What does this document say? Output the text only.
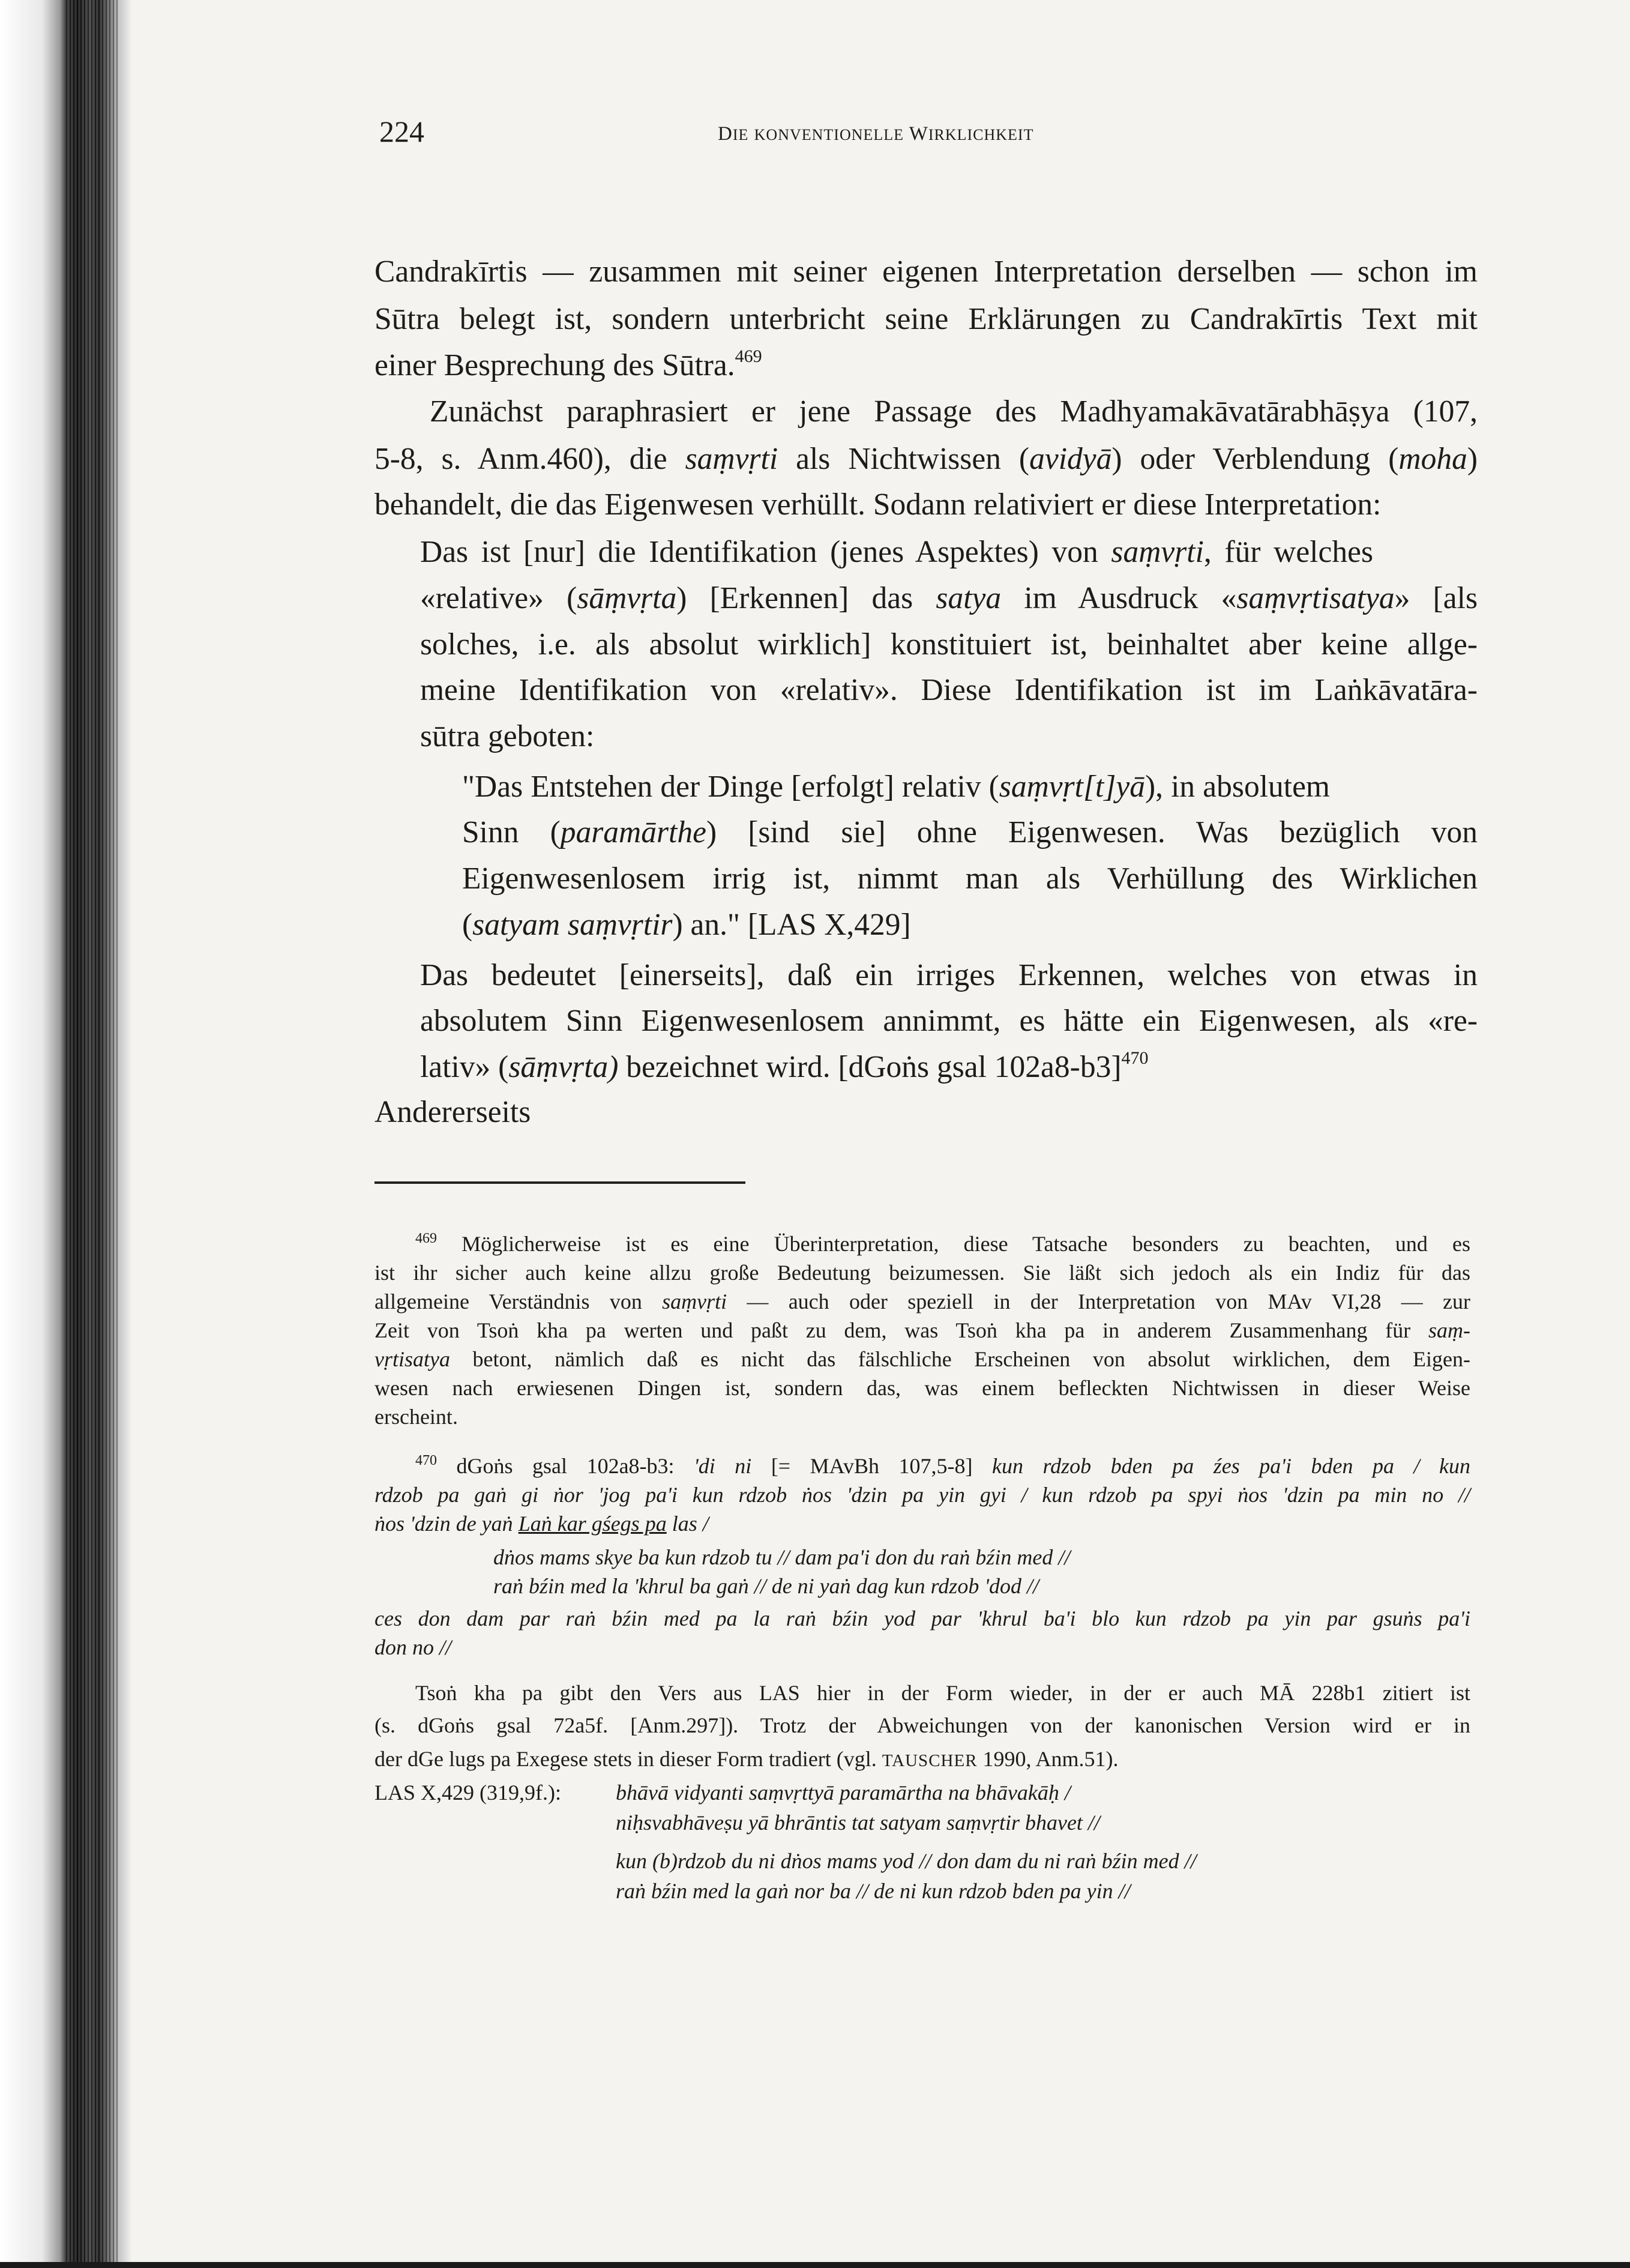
224	DIE KONVENTIONELLE WIRKLICHKEIT
Candrakīrtis — zusammen mit seiner eigenen Interpretation derselben — schon im
Sūtra belegt ist, sondern unterbricht seine Erklärungen zu Candrakīrtis Text mit
einer Besprechung des Sūtra.$^{469}$
Zunächst paraphrasiert er jene Passage des Madhyamakāvatārabhāṣya (107,
5-8, s. Anm.460), die saṃvṛti als Nichtwissen (avidyā) oder Verblendung (moha)
behandelt, die das Eigenwesen verhüllt. Sodann relativiert er diese Interpretation:
Das ist [nur] die Identifikation (jenes Aspektes) von saṃvṛti, für welches
«relative» (sāṃvṛta) [Erkennen] das satya im Ausdruck «saṃvṛtisatya» [als
solches, i.e. als absolut wirklich] konstituiert ist, beinhaltet aber keine allge-
meine Identifikation von «relativ». Diese Identifikation ist im Laṅkāvatāra-
sūtra geboten:
"Das Entstehen der Dinge [erfolgt] relativ (saṃvṛt[t]yā), in absolutem
Sinn (paramārthe) [sind sie] ohne Eigenwesen. Was bezüglich von
Eigenwesenlosem irrig ist, nimmt man als Verhüllung des Wirklichen
(satyam saṃvṛtir) an." [LAS X,429]
Das bedeutet [einerseits], daß ein irriges Erkennen, welches von etwas in
absolutem Sinn Eigenwesenlosem annimmt, es hätte ein Eigenwesen, als «re-
lativ» (sāṃvṛta) bezeichnet wird. [dGoṅs gsal 102a8-b3]$^{470}$
Andererseits
$^{469}$ Möglicherweise ist es eine Überinterpretation, diese Tatsache besonders zu beachten, und es
ist ihr sicher auch keine allzu große Bedeutung beizumessen. Sie läßt sich jedoch als ein Indiz für das
allgemeine Verständnis von saṃvṛti — auch oder speziell in der Interpretation von MAv VI,28 — zur
Zeit von Tsoṅ kha pa werten und paßt zu dem, was Tsoṅ kha pa in anderem Zusammenhang für saṃ-
vṛtisatya betont, nämlich daß es nicht das fälschliche Erscheinen von absolut wirklichen, dem Eigen-
wesen nach erwiesenen Dingen ist, sondern das, was einem befleckten Nichtwissen in dieser Weise
erscheint.
$^{470}$ dGoṅs gsal 102a8-b3: 'di ni [= MAvBh 107,5-8] kun rdzob bden pa źes pa'i bden pa / kun
rdzob pa gaṅ gi ṅor 'jog pa'i kun rdzob ṅos 'dzin pa yin gyi / kun rdzob pa spyi ṅos 'dzin pa min no //
ṅos 'dzin de yaṅ Laṅ kar gśegs pa las /
dṅos mams skye ba kun rdzob tu // dam pa'i don du raṅ bźin med //
raṅ bźin med la 'khrul ba gaṅ // de ni yaṅ dag kun rdzob 'dod //
ces don dam par raṅ bźin med pa la raṅ bźin yod par 'khrul ba'i blo kun rdzob pa yin par gsuṅs pa'i
don no //
Tsoṅ kha pa gibt den Vers aus LAS hier in der Form wieder, in der er auch MĀ 228b1 zitiert ist
(s. dGoṅs gsal 72a5f. [Anm.297]). Trotz der Abweichungen von der kanonischen Version wird er in
der dGe lugs pa Exegese stets in dieser Form tradiert (vgl. TAUSCHER 1990, Anm.51).
LAS X,429 (319,9f.):	bhāvā vidyanti saṃvṛttyā paramārtha na bhāvakāḥ /
niḥsvabhāveṣu yā bhrāntis tat satyam saṃvṛtir bhavet //
kun (b)rdzob du ni dṅos mams yod // don dam du ni raṅ bźin med //
raṅ bźin med la gaṅ nor ba // de ni kun rdzob bden pa yin //
